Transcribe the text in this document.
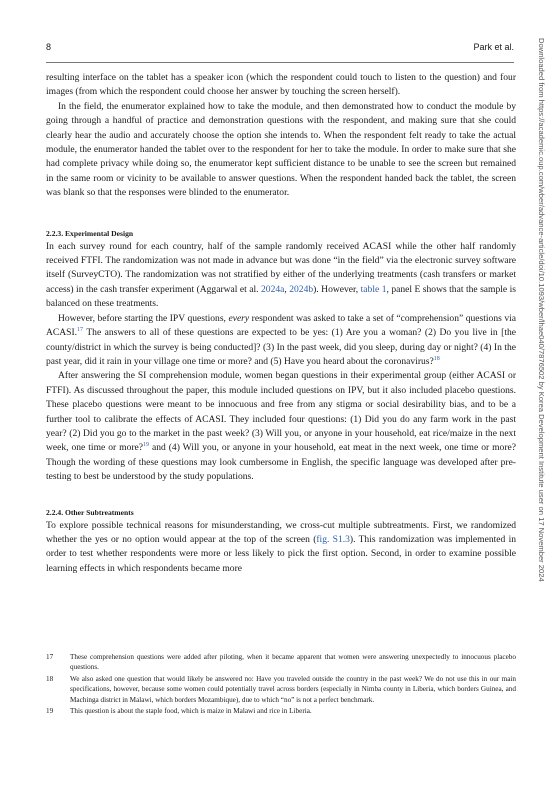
8	Park et al.	Downloaded from https://academic.oup.com/wber/advance-article/doi/10.1093/wber/lhae040/7876502 by Korea Development Institute user on 17 November 2024

resulting interface on the tablet has a speaker icon (which the respondent could touch to listen to the question) and four images (from which the respondent could choose her answer by touching the screen herself).

In the field, the enumerator explained how to take the module, and then demonstrated how to conduct the module by going through a handful of practice and demonstration questions with the respondent, and making sure that she could clearly hear the audio and accurately choose the option she intends to. When the respondent felt ready to take the actual module, the enumerator handed the tablet over to the respondent for her to take the module. In order to make sure that she had complete privacy while doing so, the enumerator kept sufficient distance to be unable to see the screen but remained in the same room or vicinity to be available to answer questions. When the respondent handed back the tablet, the screen was blank so that the responses were blinded to the enumerator.

2.2.3. Experimental Design

In each survey round for each country, half of the sample randomly received ACASI while the other half randomly received FTFI. The randomization was not made in advance but was done “in the field” via the electronic survey software itself (SurveyCTO). The randomization was not stratified by either of the underlying treatments (cash transfers or market access) in the cash transfer experiment (Aggarwal et al. 2024a, 2024b). However, table 1, panel E shows that the sample is balanced on these treatments.

However, before starting the IPV questions, every respondent was asked to take a set of “comprehension” questions via ACASI.$^{17}$ The answers to all of these questions are expected to be yes: (1) Are you a woman? (2) Do you live in [the county/district in which the survey is being conducted]? (3) In the past week, did you sleep, during day or night? (4) In the past year, did it rain in your village one time or more? and (5) Have you heard about the coronavirus?$^{18}$

After answering the SI comprehension module, women began questions in their experimental group (either ACASI or FTFI). As discussed throughout the paper, this module included questions on IPV, but it also included placebo questions. These placebo questions were meant to be innocuous and free from any stigma or social desirability bias, and to be a further tool to calibrate the effects of ACASI. They included four questions: (1) Did you do any farm work in the past year? (2) Did you go to the market in the past week? (3) Will you, or anyone in your household, eat rice/maize in the next week, one time or more?$^{19}$ and (4) Will you, or anyone in your household, eat meat in the next week, one time or more? Though the wording of these questions may look cumbersome in English, the specific language was developed after pre-testing to best be understood by the study populations.

2.2.4. Other Subtreatments

To explore possible technical reasons for misunderstanding, we cross-cut multiple subtreatments. First, we randomized whether the yes or no option would appear at the top of the screen (fig. S1.3). This randomization was implemented in order to test whether respondents were more or less likely to pick the first option. Second, in order to examine possible learning effects in which respondents became more

17 These comprehension questions were added after piloting, when it became apparent that women were answering unexpectedly to innocuous placebo questions.
18 We also asked one question that would likely be answered no: Have you traveled outside the country in the past week? We do not use this in our main specifications, however, because some women could potentially travel across borders (especially in Nimba county in Liberia, which borders Guinea, and Machinga district in Malawi, which borders Mozambique), due to which “no” is not a perfect benchmark.
19 This question is about the staple food, which is maize in Malawi and rice in Liberia.
